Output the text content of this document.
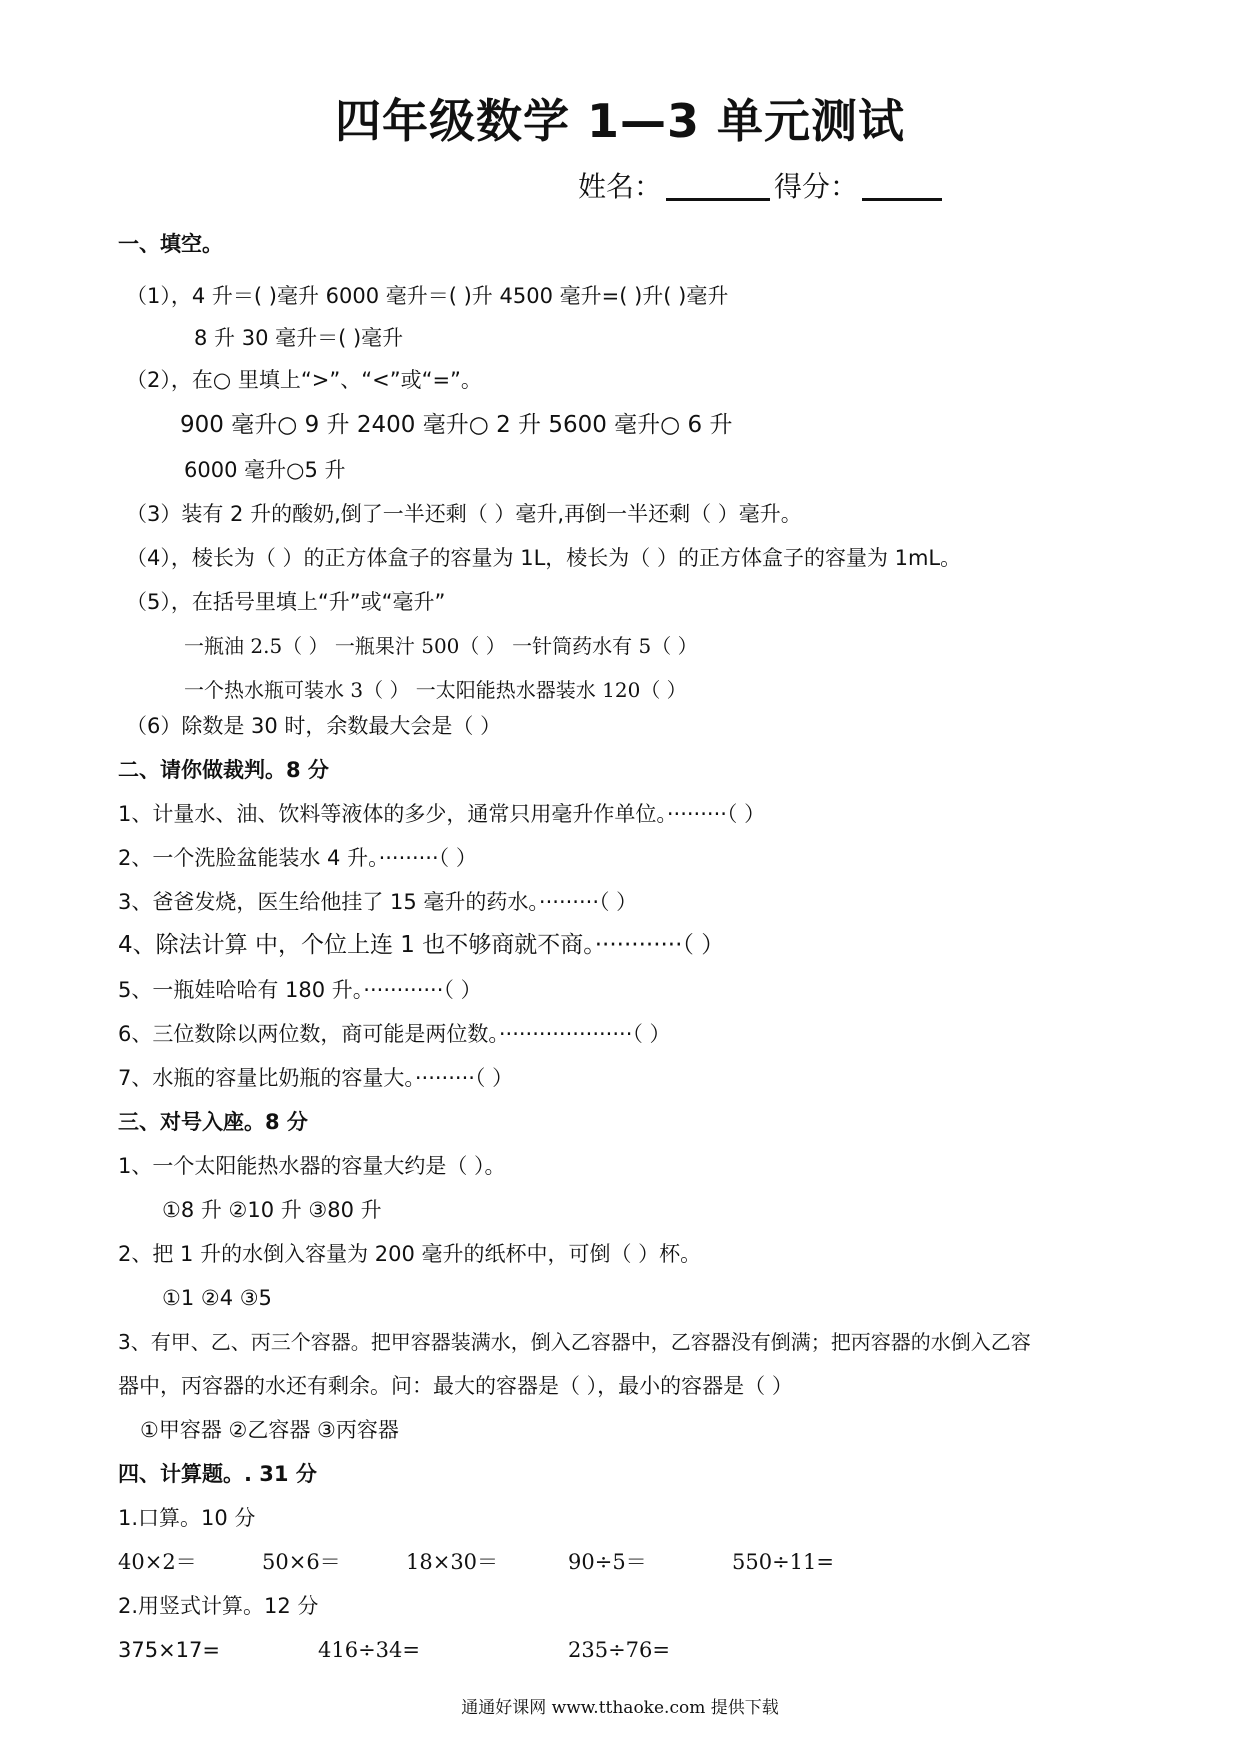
四年级数学 1—3 单元测试
姓名：	得分：
一、填空。
（1），4 升＝( )毫升 6000 毫升＝( )升 4500 毫升=( )升( )毫升
8 升 30 毫升＝( )毫升
（2），在○ 里填上“>”、“<”或“=”。
900 毫升○ 9 升 2400 毫升○ 2 升 5600 毫升○ 6 升
6000 毫升○5 升
（3）装有 2 升的酸奶,倒了一半还剩（ ）毫升,再倒一半还剩（ ）毫升。
（4），棱长为（ ）的正方体盒子的容量为 1L，棱长为（ ）的正方体盒子的容量为 1mL。
（5），在括号里填上“升”或“毫升”
一瓶油 2.5（ ） 一瓶果汁 500（ ） 一针筒药水有 5（ ）
一个热水瓶可装水 3（ ） 一太阳能热水器装水 120（ ）
（6）除数是 30 时，余数最大会是（ ）
二、请你做裁判。8 分
1、计量水、油、饮料等液体的多少，通常只用毫升作单位。·········（ ）
2、一个洗脸盆能装水 4 升。·········（ ）
3、爸爸发烧，医生给他挂了 15 毫升的药水。·········（ ）
4、除法计算 中，个位上连 1 也不够商就不商。············（ ）
5、一瓶娃哈哈有 180 升。············（ ）
6、三位数除以两位数，商可能是两位数。····················（ ）
7、水瓶的容量比奶瓶的容量大。·········（ ）
三、对号入座。8 分
1、一个太阳能热水器的容量大约是（ ）。
①8 升 ②10 升 ③80 升
2、把 1 升的水倒入容量为 200 毫升的纸杯中，可倒（ ）杯。
①1 ②4 ③5
3、有甲、乙、丙三个容器。把甲容器装满水，倒入乙容器中，乙容器没有倒满；把丙容器的水倒入乙容
器中，丙容器的水还有剩余。问：最大的容器是（ ），最小的容器是（ ）
①甲容器 ②乙容器 ③丙容器
四、计算题。. 31 分
1.口算。10 分
40×2＝	50×6＝	18×30＝	90÷5＝	550÷11=
2.用竖式计算。12 分
375×17=	416÷34=	235÷76=
通通好课网 www.tthaoke.com 提供下载
